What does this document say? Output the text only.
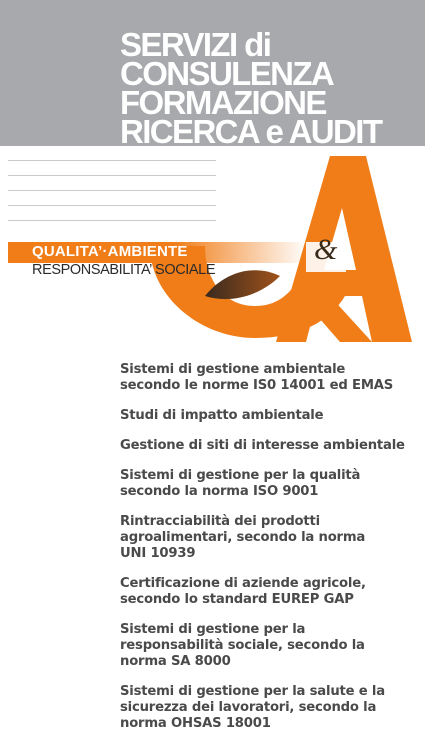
SERVIZI di
CONSULENZA
FORMAZIONE
RICERCA e AUDIT
QUALITA’·AMBIENTE
RESPONSABILITA’ SOCIALE
&
Sistemi di gestione ambientale
secondo le norme IS0 14001 ed EMAS
Studi di impatto ambientale
Gestione di siti di interesse ambientale
Sistemi di gestione per la qualità
secondo la norma ISO 9001
Rintracciabilità dei prodotti
agroalimentari, secondo la norma
UNI 10939
Certificazione di aziende agricole,
secondo lo standard EUREP GAP
Sistemi di gestione per la
responsabilità sociale, secondo la
norma SA 8000
Sistemi di gestione per la salute e la
sicurezza dei lavoratori, secondo la
norma OHSAS 18001
